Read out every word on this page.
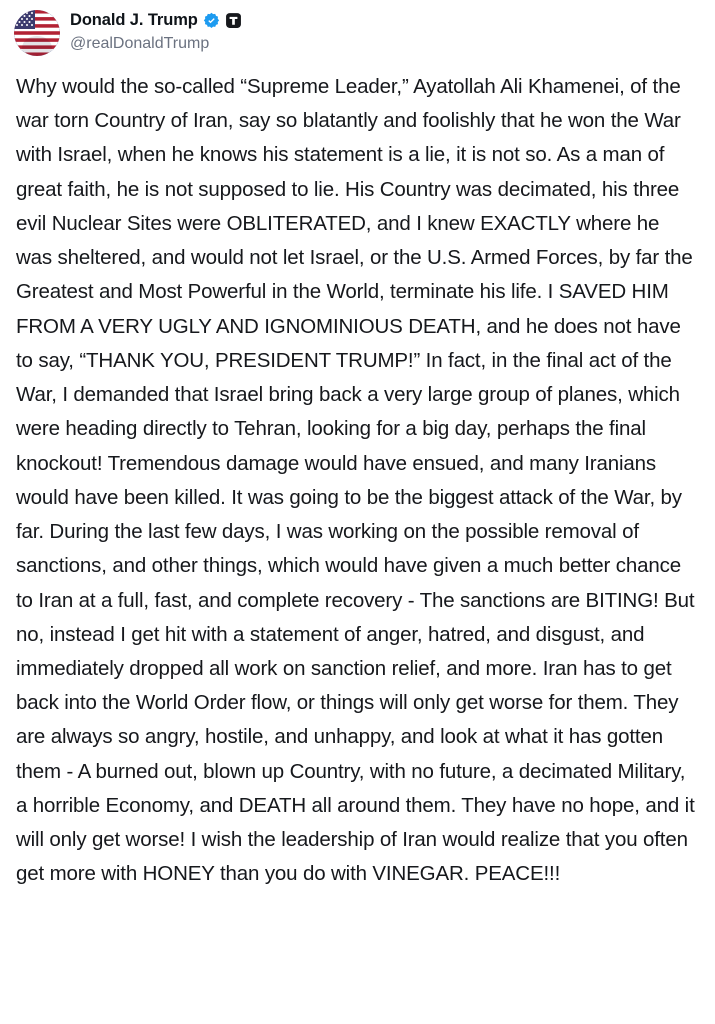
Donald J. Trump
@realDonaldTrump
Why would the so-called “Supreme Leader,” Ayatollah Ali Khamenei, of the war torn Country of Iran, say so blatantly and foolishly that he won the War with Israel, when he knows his statement is a lie, it is not so. As a man of great faith, he is not supposed to lie. His Country was decimated, his three evil Nuclear Sites were OBLITERATED, and I knew EXACTLY where he was sheltered, and would not let Israel, or the U.S. Armed Forces, by far the Greatest and Most Powerful in the World, terminate his life. I SAVED HIM FROM A VERY UGLY AND IGNOMINIOUS DEATH, and he does not have to say, “THANK YOU, PRESIDENT TRUMP!” In fact, in the final act of the War, I demanded that Israel bring back a very large group of planes, which were heading directly to Tehran, looking for a big day, perhaps the final knockout! Tremendous damage would have ensued, and many Iranians would have been killed. It was going to be the biggest attack of the War, by far. During the last few days, I was working on the possible removal of sanctions, and other things, which would have given a much better chance to Iran at a full, fast, and complete recovery - The sanctions are BITING! But no, instead I get hit with a statement of anger, hatred, and disgust, and immediately dropped all work on sanction relief, and more. Iran has to get back into the World Order flow, or things will only get worse for them. They are always so angry, hostile, and unhappy, and look at what it has gotten them - A burned out, blown up Country, with no future, a decimated Military, a horrible Economy, and DEATH all around them. They have no hope, and it will only get worse! I wish the leadership of Iran would realize that you often get more with HONEY than you do with VINEGAR. PEACE!!!
